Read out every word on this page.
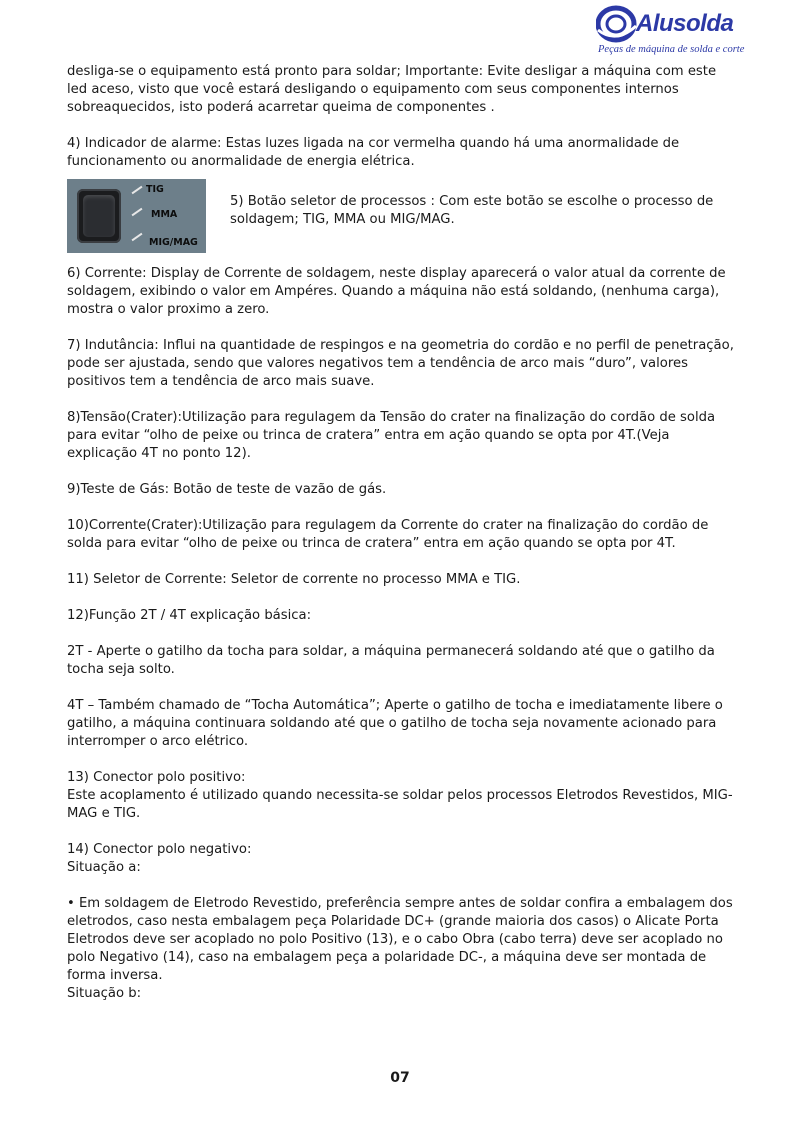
Alusolda
Peças de máquina de solda e corte

desliga-se o equipamento está pronto para soldar; Importante: Evite desligar a máquina com este led aceso, visto que você estará desligando o equipamento com seus componentes internos sobreaquecidos, isto poderá acarretar queima de componentes .

4) Indicador de alarme: Estas luzes ligada na cor vermelha quando há uma anormalidade de funcionamento ou anormalidade de energia elétrica.

TIG
MMA
MIG/MAG
5) Botão seletor de processos : Com este botão se escolhe o processo de soldagem; TIG, MMA ou MIG/MAG.

6) Corrente: Display de Corrente de soldagem, neste display aparecerá o valor atual da corrente de soldagem, exibindo o valor em Ampéres. Quando a máquina não está soldando, (nenhuma carga), mostra o valor proximo a zero.

7) Indutância: Influi na quantidade de respingos e na geometria do cordão e no perfil de penetração, pode ser ajustada, sendo que valores negativos tem a tendência de arco mais “duro”, valores positivos tem a tendência de arco mais suave.

8)Tensão(Crater):Utilização para regulagem da Tensão do crater na finalização do cordão de solda para evitar “olho de peixe ou trinca de cratera” entra em ação quando se opta por 4T.(Veja explicação 4T no ponto 12).

9)Teste de Gás: Botão de teste de vazão de gás.

10)Corrente(Crater):Utilização para regulagem da Corrente do crater na finalização do cordão de solda para evitar “olho de peixe ou trinca de cratera” entra em ação quando se opta por 4T.

11) Seletor de Corrente: Seletor de corrente no processo MMA e TIG.

12)Função 2T / 4T explicação básica:

2T - Aperte o gatilho da tocha para soldar, a máquina permanecerá soldando até que o gatilho da tocha seja solto.

4T – Também chamado de “Tocha Automática”; Aperte o gatilho de tocha e imediatamente libere o gatilho, a máquina continuara soldando até que o gatilho de tocha seja novamente acionado para interromper o arco elétrico.

13) Conector polo positivo:

Este acoplamento é utilizado quando necessita-se soldar pelos processos Eletrodos Revestidos, MIG-MAG e TIG.

14) Conector polo negativo:

Situação a:

• Em soldagem de Eletrodo Revestido, preferência sempre antes de soldar confira a embalagem dos eletrodos, caso nesta embalagem peça Polaridade DC+ (grande maioria dos casos) o Alicate Porta Eletrodos deve ser acoplado no polo Positivo (13), e o cabo Obra (cabo terra) deve ser acoplado no polo Negativo (14), caso na embalagem peça a polaridade DC-, a máquina deve ser montada de forma inversa.

Situação b:

07
